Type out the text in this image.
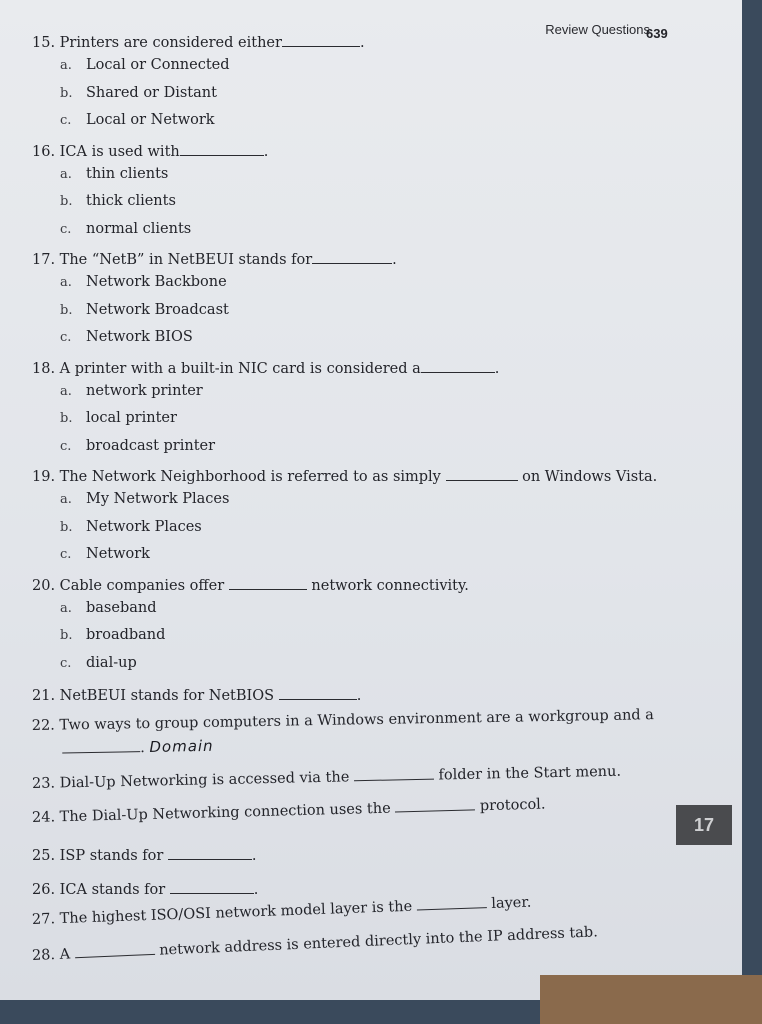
Review Questions
639
15. Printers are considered either	.
a. Local or Connected
b. Shared or Distant
c. Local or Network
16. ICA is used with	.
a. thin clients
b. thick clients
c. normal clients
17. The “NetB” in NetBEUI stands for	.
a. Network Backbone
b. Network Broadcast
c. Network BIOS
18. A printer with a built-in NIC card is considered a	.
a. network printer
b. local printer
c. broadcast printer
19. The Network Neighborhood is referred to as simply	on Windows Vista.
a. My Network Places
b. Network Places
c. Network
20. Cable companies offer	network connectivity.
a. baseband
b. broadband
c. dial-up
21. NetBEUI stands for NetBIOS	.
22. Two ways to group computers in a Windows environment are a workgroup and a
. Domain
23. Dial-Up Networking is accessed via the	folder in the Start menu.
24. The Dial-Up Networking connection uses the	protocol.
25. ISP stands for	.
26. ICA stands for	.
27. The highest ISO/OSI network model layer is the	layer.
28. A	network address is entered directly into the IP address tab.
17
